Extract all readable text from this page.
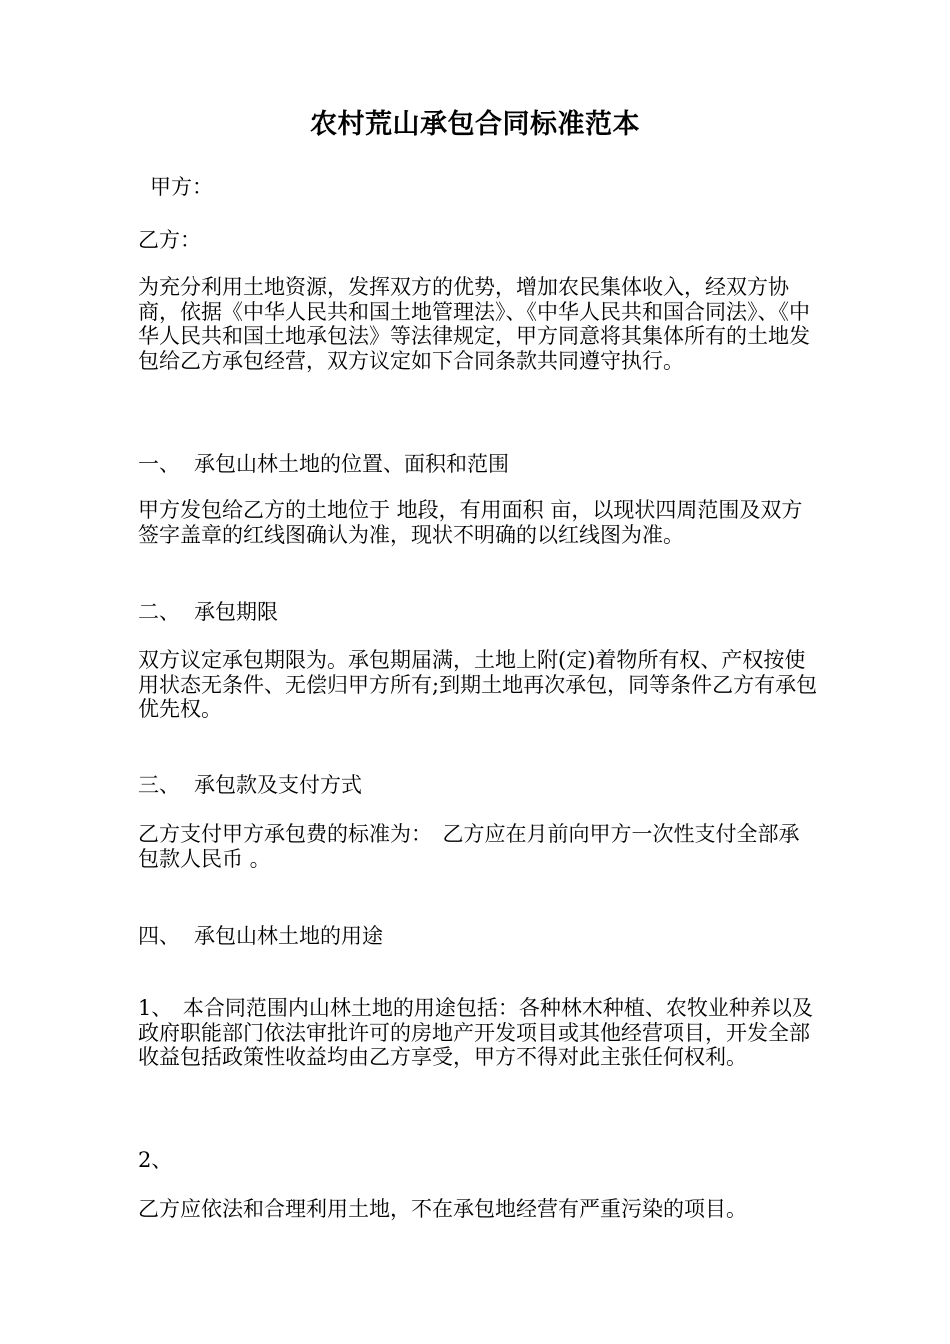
农村荒山承包合同标准范本
甲方：
乙方：
为充分利用土地资源，发挥双方的优势，增加农民集体收入，经双方协商，依据《中华人民共和国土地管理法》、《中华人民共和国合同法》、《中华人民共和国土地承包法》等法律规定，甲方同意将其集体所有的土地发包给乙方承包经营，双方议定如下合同条款共同遵守执行。
一、 承包山林土地的位置、面积和范围
甲方发包给乙方的土地位于 地段，有用面积 亩，以现状四周范围及双方签字盖章的红线图确认为准，现状不明确的以红线图为准。
二、 承包期限
双方议定承包期限为。承包期届满，土地上附(定)着物所有权、产权按使用状态无条件、无偿归甲方所有;到期土地再次承包，同等条件乙方有承包优先权。
三、 承包款及支付方式
乙方支付甲方承包费的标准为：　乙方应在月前向甲方一次性支付全部承包款人民币 。
四、 承包山林土地的用途
1、　 本合同范围内山林土地的用途包括：各种林木种植、农牧业种养以及政府职能部门依法审批许可的房地产开发项目或其他经营项目，开发全部收益包括政策性收益均由乙方享受，甲方不得对此主张任何权利。
2、
乙方应依法和合理利用土地，不在承包地经营有严重污染的项目。
